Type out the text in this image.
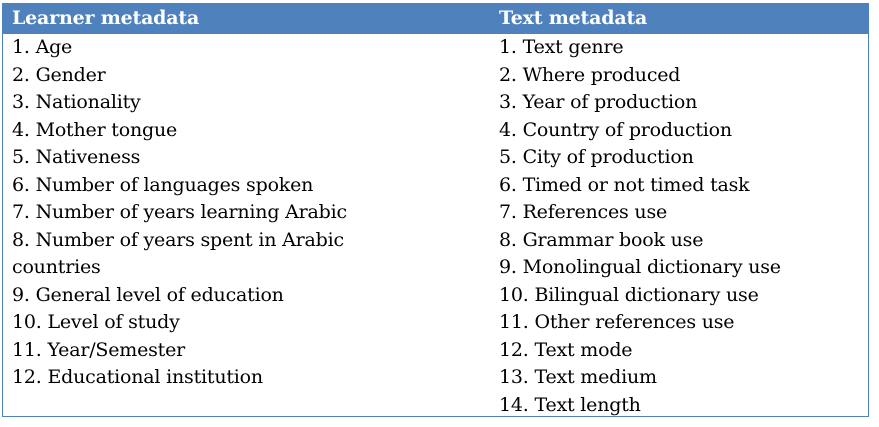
Learner metadata	Text metadata
1. Age
2. Gender
3. Nationality
4. Mother tongue
5. Nativeness
6. Number of languages spoken
7. Number of years learning Arabic
8. Number of years spent in Arabic countries
9. General level of education
10. Level of study
11. Year/Semester
12. Educational institution
1. Text genre
2. Where produced
3. Year of production
4. Country of production
5. City of production
6. Timed or not timed task
7. References use
8. Grammar book use
9. Monolingual dictionary use
10. Bilingual dictionary use
11. Other references use
12. Text mode
13. Text medium
14. Text length
